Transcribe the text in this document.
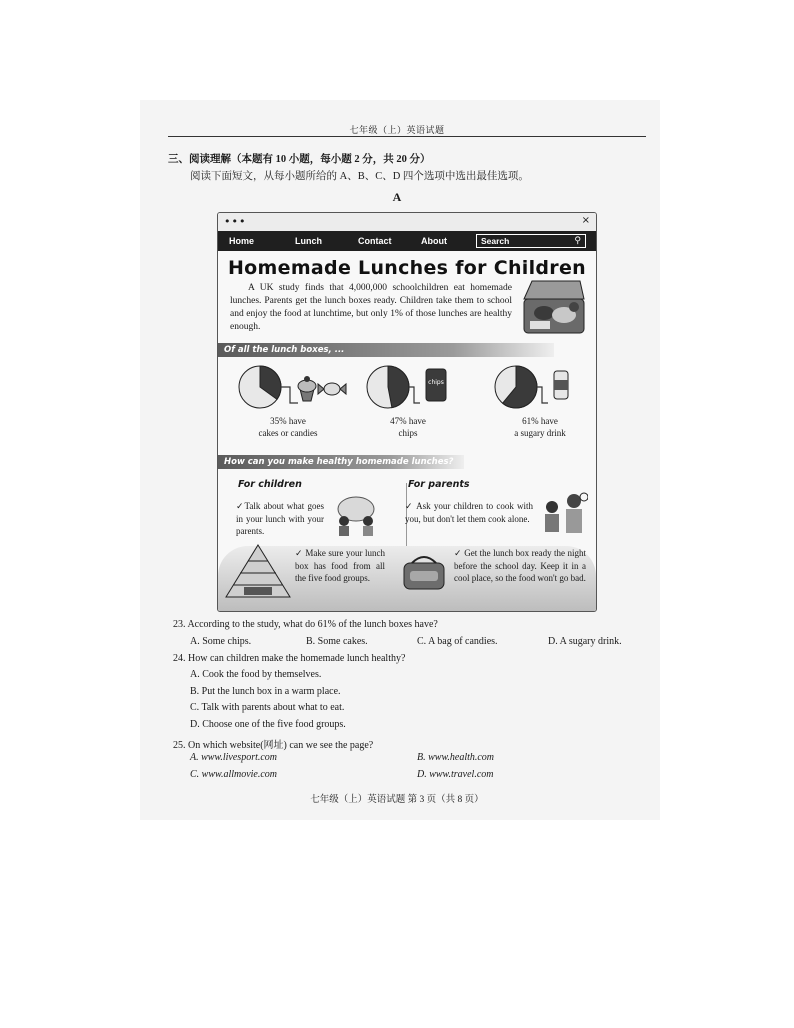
七年级（上）英语试题
三、阅读理解（本题有 10 小题，每小题 2 分，共 20 分）
阅读下面短文，从每小题所给的 A、B、C、D 四个选项中选出最佳选项。
A
•••	×
Home	Lunch	Contact	About	Search	⚲
Homemade Lunches for Children
A UK study finds that 4,000,000 schoolchildren eat homemade lunches. Parents get the lunch boxes ready. Children take them to school and enjoy the food at lunchtime, but only 1% of those lunches are healthy enough.
Of all the lunch boxes, ...
chips
35% have
cakes or candies
47% have
chips
61% have
a sugary drink
How can you make healthy homemade lunches?
For children	For parents
✓Talk about what goes in your lunch with your parents.
✓ Ask your children to cook with you, but don't let them cook alone.
✓ Make sure your lunch box has food from all the five food groups.
✓ Get the lunch box ready the night before the school day. Keep it in a cool place, so the food won't go bad.
23. According to the study, what do 61% of the lunch boxes have?
A. Some chips.	B. Some cakes.	C. A bag of candies.	D. A sugary drink.
24. How can children make the homemade lunch healthy?
A. Cook the food by themselves.
B. Put the lunch box in a warm place.
C. Talk with parents about what to eat.
D. Choose one of the five food groups.
25. On which website(网址) can we see the page?
A. www.livesport.com	B. www.health.com
C. www.allmovie.com	D. www.travel.com
七年级（上）英语试题 第 3 页（共 8 页）
